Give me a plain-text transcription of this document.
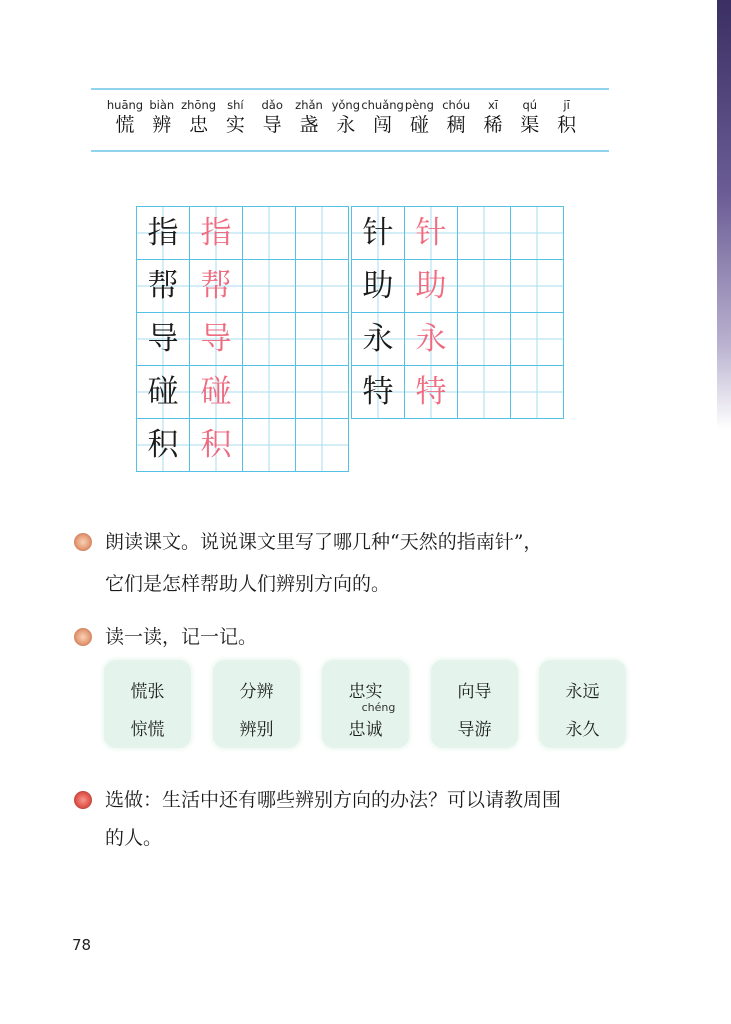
huāng
慌
biàn
辨
zhōng
忠
shí
实
dǎo
导
zhǎn
盏
yǒng
永
chuǎng
闯
pèng
碰
chóu
稠
xī
稀
qú
渠
jī
积
指 指
帮 帮
导 导
碰 碰
积 积
针 针
助 助
永 永
特 特
朗读课文。说说课文里写了哪几种“天然的指南针”，
它们是怎样帮助人们辨别方向的。
读一读，记一记。
慌张
惊慌
分辨
辨别
忠实
忠诚
chéng
向导
导游
永远
永久
选做：生活中还有哪些辨别方向的办法？可以请教周围
的人。
78
